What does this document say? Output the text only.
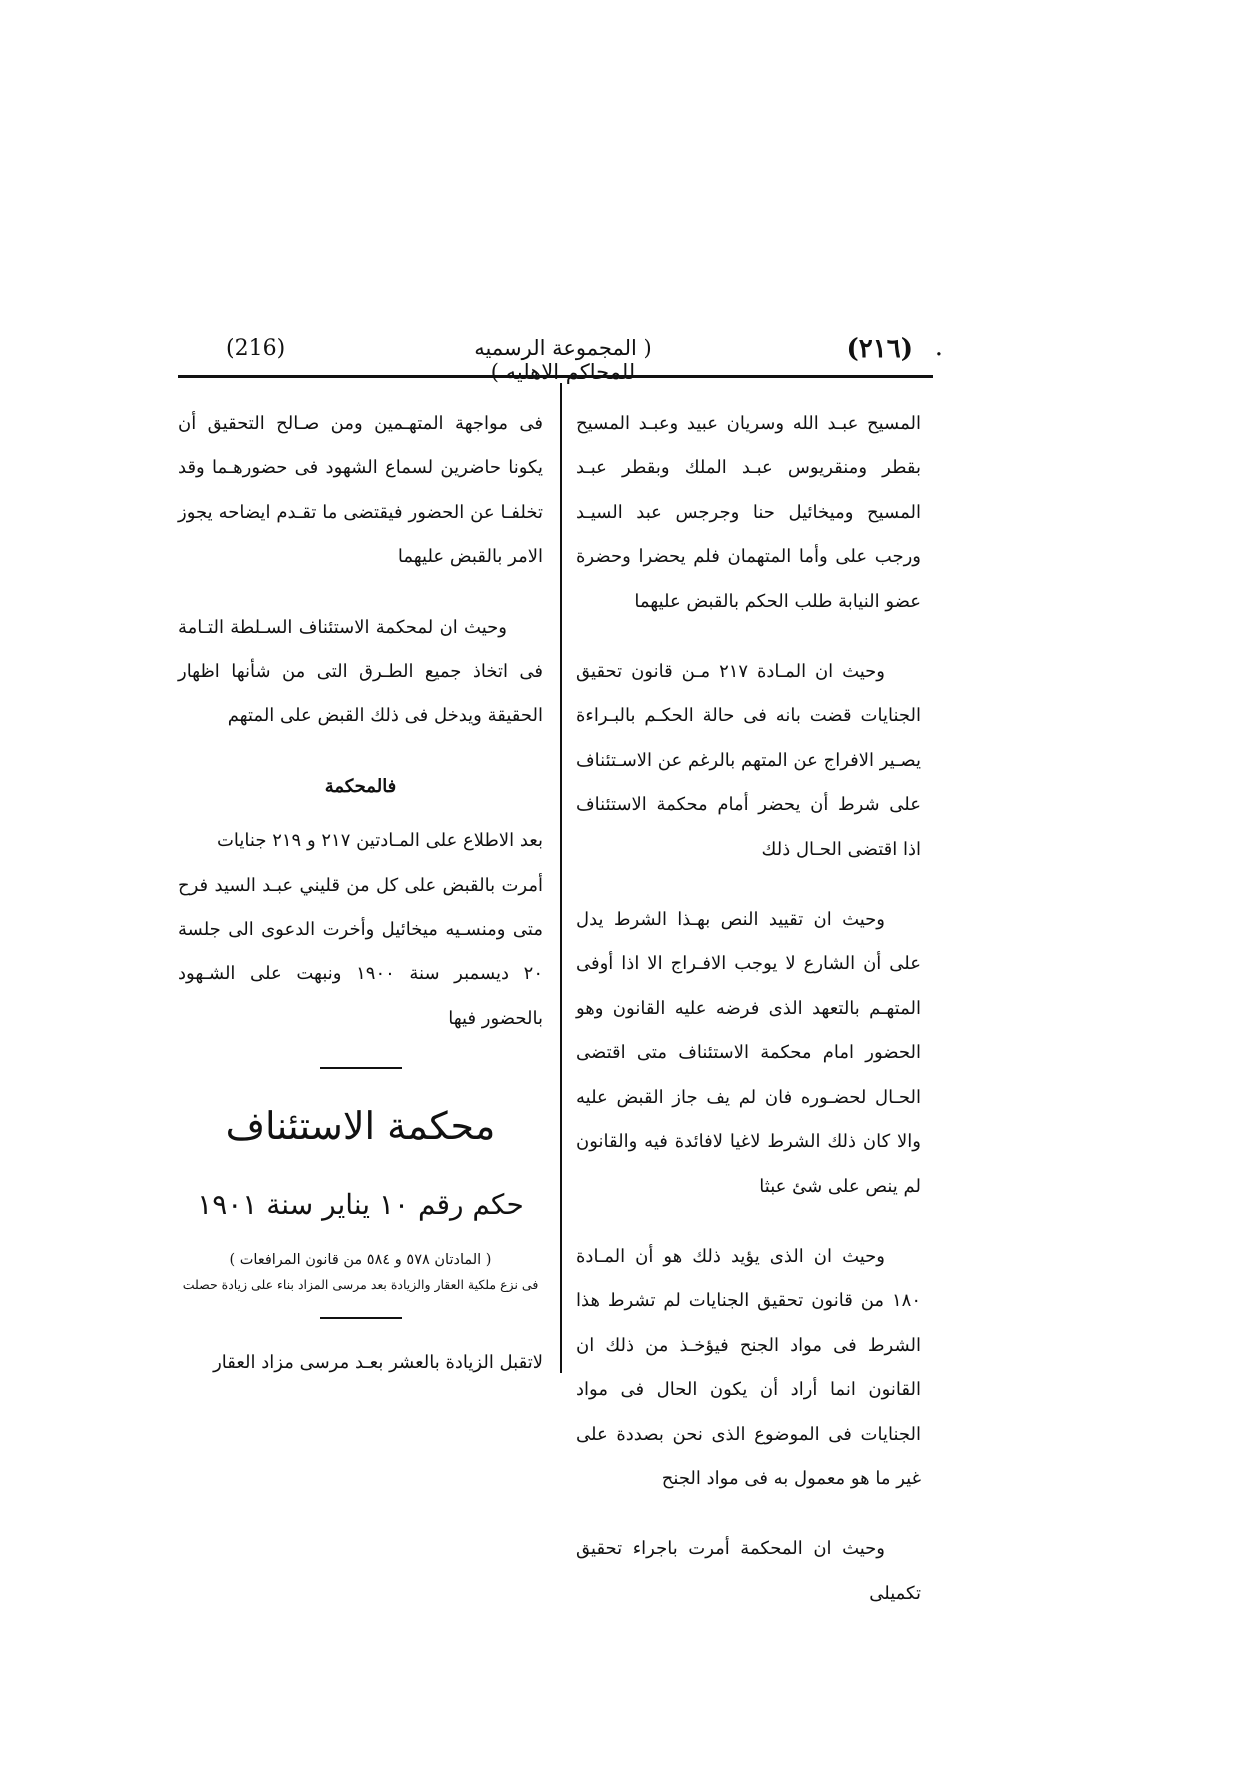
(216)	( المجموعة الرسميه للمحاكم الاهليه )
(٢١٦) .

المسيح عبـد الله وسريان عبيد وعبـد المسيح بقطر ومنقريوس عبـد الملك وبقطر عبـد المسيح وميخائيل حنا وجرجس عبد السيـد ورجب على وأما المتهمان فلم يحضرا وحضرة عضو النيابة طلب الحكم بالقبض عليهما

وحيث ان المـادة ٢١٧ مـن قانون تحقيق الجنايات قضت بانه فى حالة الحكـم بالبـراءة يصـير الافراج عن المتهم بالرغم عن الاسـتئناف على شرط أن يحضر أمام محكمة الاستئناف اذا اقتضى الحـال ذلك

وحيث ان تقييد النص بهـذا الشرط يدل على أن الشارع لا يوجب الافـراج الا اذا أوفى المتهـم بالتعهد الذى فرضه عليه القانون وهو الحضور امام محكمة الاستئناف متى اقتضى الحـال لحضـوره فان لم يف جاز القبض عليه والا كان ذلك الشرط لاغيا لافائدة فيه والقانون لم ينص على شئ عبثا

وحيث ان الذى يؤيد ذلك هو أن المـادة ١٨٠ من قانون تحقيق الجنايات لم تشرط هذا الشرط فى مواد الجنح فيؤخـذ من ذلك ان القانون انما أراد أن يكون الحال فى مواد الجنايات فى الموضوع الذى نحن بصددة على غير ما هو معمول به فى مواد الجنح

وحيث ان المحكمة أمرت باجراء تحقيق تكميلى

فى مواجهة المتهـمين ومن صـالح التحقيق أن يكونا حاضرين لسماع الشهود فى حضورهـما وقد تخلفـا عن الحضور فيقتضى ما تقـدم ايضاحه يجوز الامر بالقبض عليهما

وحيث ان لمحكمة الاستئناف السـلطة التـامة فى اتخاذ جميع الطـرق التى من شأنها اظهار الحقيقة ويدخل فى ذلك القبض على المتهم

فالمحكمة

بعد الاطلاع على المـادتين ٢١٧ و ٢١٩ جنايات

أمرت بالقبض على كل من قليني عبـد السيد فرح متى ومنسـيه ميخائيل وأخرت الدعوى الى جلسة ٢٠ ديسمبر سنة ١٩٠٠ ونبهت على الشـهود بالحضور فيها

محكمة الاستئناف

حكم رقم ١٠ يناير سنة ١٩٠١

( المادتان ٥٧٨ و ٥٨٤ من قانون المرافعات )

فى نزع ملكية العقار والزيادة بعد مرسى المزاد بناء على زيادة حصلت

لاتقبل الزيادة بالعشر بعـد مرسى مزاد العقار
